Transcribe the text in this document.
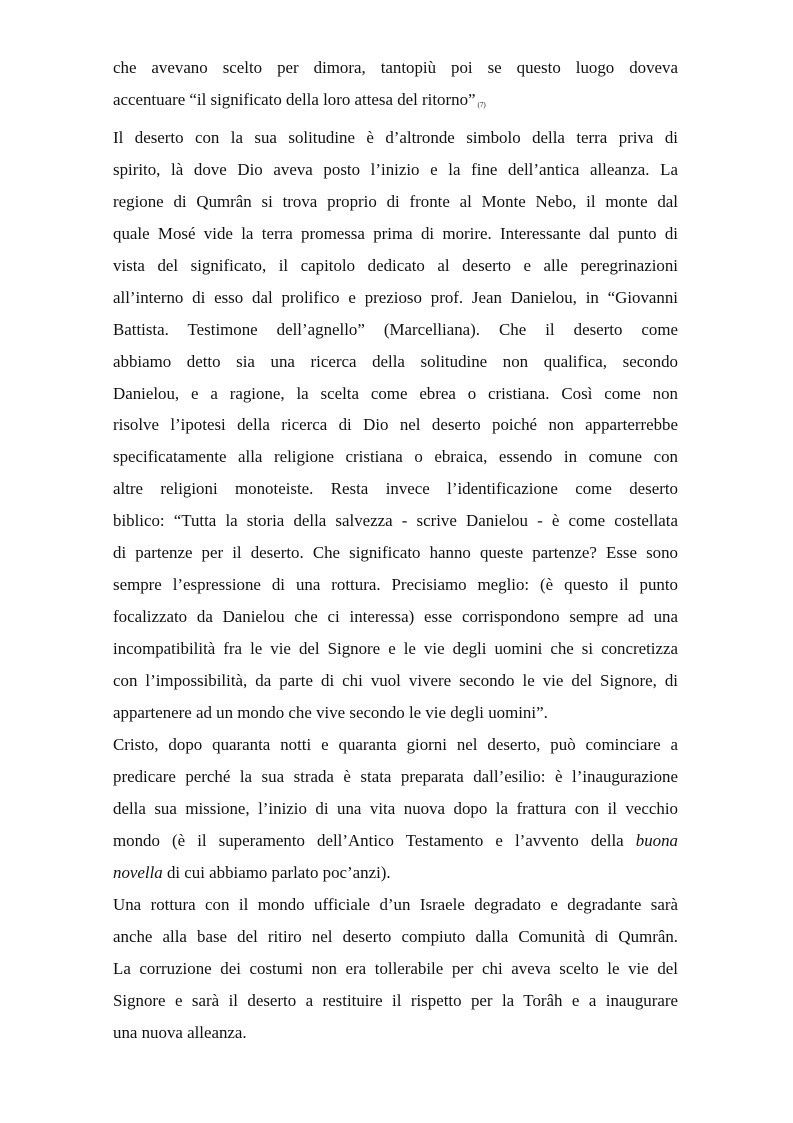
che avevano scelto per dimora, tantopiù poi se questo luogo doveva
accentuare “il significato della loro attesa del ritorno” (7)
Il deserto con la sua solitudine è d’altronde simbolo della terra priva di
spirito, là dove Dio aveva posto l’inizio e la fine dell’antica alleanza. La
regione di Qumrân si trova proprio di fronte al Monte Nebo, il monte dal
quale Mosé vide la terra promessa prima di morire. Interessante dal punto di
vista del significato, il capitolo dedicato al deserto e alle peregrinazioni
all’interno di esso dal prolifico e prezioso prof. Jean Danielou, in “Giovanni
Battista. Testimone dell’agnello” (Marcelliana). Che il deserto come
abbiamo detto sia una ricerca della solitudine non qualifica, secondo
Danielou, e a ragione, la scelta come ebrea o cristiana. Così come non
risolve l’ipotesi della ricerca di Dio nel deserto poiché non apparterrebbe
specificatamente alla religione cristiana o ebraica, essendo in comune con
altre religioni monoteiste. Resta invece l’identificazione come deserto
biblico: “Tutta la storia della salvezza - scrive Danielou - è come costellata
di partenze per il deserto. Che significato hanno queste partenze? Esse sono
sempre l’espressione di una rottura. Precisiamo meglio: (è questo il punto
focalizzato da Danielou che ci interessa) esse corrispondono sempre ad una
incompatibilità fra le vie del Signore e le vie degli uomini che si concretizza
con l’impossibilità, da parte di chi vuol vivere secondo le vie del Signore, di
appartenere ad un mondo che vive secondo le vie degli uomini”.
Cristo, dopo quaranta notti e quaranta giorni nel deserto, può cominciare a
predicare perché la sua strada è stata preparata dall’esilio: è l’inaugurazione
della sua missione, l’inizio di una vita nuova dopo la frattura con il vecchio
mondo (è il superamento dell’Antico Testamento e l’avvento della buona
novella di cui abbiamo parlato poc’anzi).
Una rottura con il mondo ufficiale d’un Israele degradato e degradante sarà
anche alla base del ritiro nel deserto compiuto dalla Comunità di Qumrân.
La corruzione dei costumi non era tollerabile per chi aveva scelto le vie del
Signore e sarà il deserto a restituire il rispetto per la Torâh e a inaugurare
una nuova alleanza.
